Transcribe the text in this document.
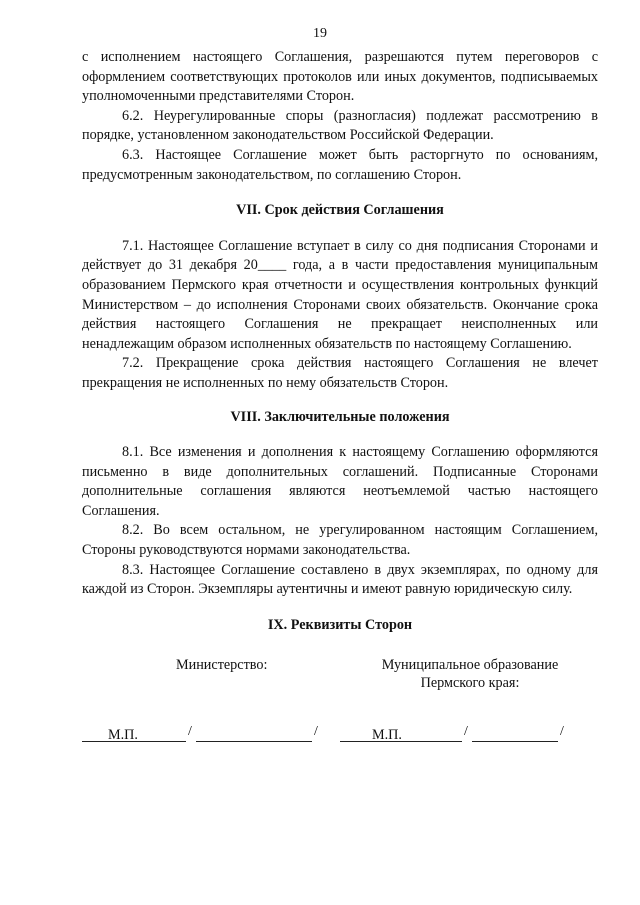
19

с исполнением настоящего Соглашения, разрешаются путем переговоров с оформлением соответствующих протоколов или иных документов, подписываемых уполномоченными представителями Сторон.

6.2. Неурегулированные споры (разногласия) подлежат рассмотрению в порядке, установленном законодательством Российской Федерации.

6.3. Настоящее Соглашение может быть расторгнуто по основаниям, предусмотренным законодательством, по соглашению Сторон.

VII. Срок действия Соглашения

7.1. Настоящее Соглашение вступает в силу со дня подписания Сторонами и действует до 31 декабря 20____ года, а в части предоставления муниципальным образованием Пермского края отчетности и осуществления контрольных функций Министерством – до исполнения Сторонами своих обязательств. Окончание срока действия настоящего Соглашения не прекращает неисполненных или ненадлежащим образом исполненных обязательств по настоящему Соглашению.

7.2. Прекращение срока действия настоящего Соглашения не влечет прекращения не исполненных по нему обязательств Сторон.

VIII. Заключительные положения

8.1. Все изменения и дополнения к настоящему Соглашению оформляются письменно в виде дополнительных соглашений. Подписанные Сторонами дополнительные соглашения являются неотъемлемой частью настоящего Соглашения.

8.2. Во всем остальном, не урегулированном настоящим Соглашением, Стороны руководствуются нормами законодательства.

8.3. Настоящее Соглашение составлено в двух экземплярах, по одному для каждой из Сторон. Экземпляры аутентичны и имеют равную юридическую силу.

IX. Реквизиты Сторон
Министерство:	Муниципальное образование
Пермского края:
/	/
М.П.	/	/
М.П.
